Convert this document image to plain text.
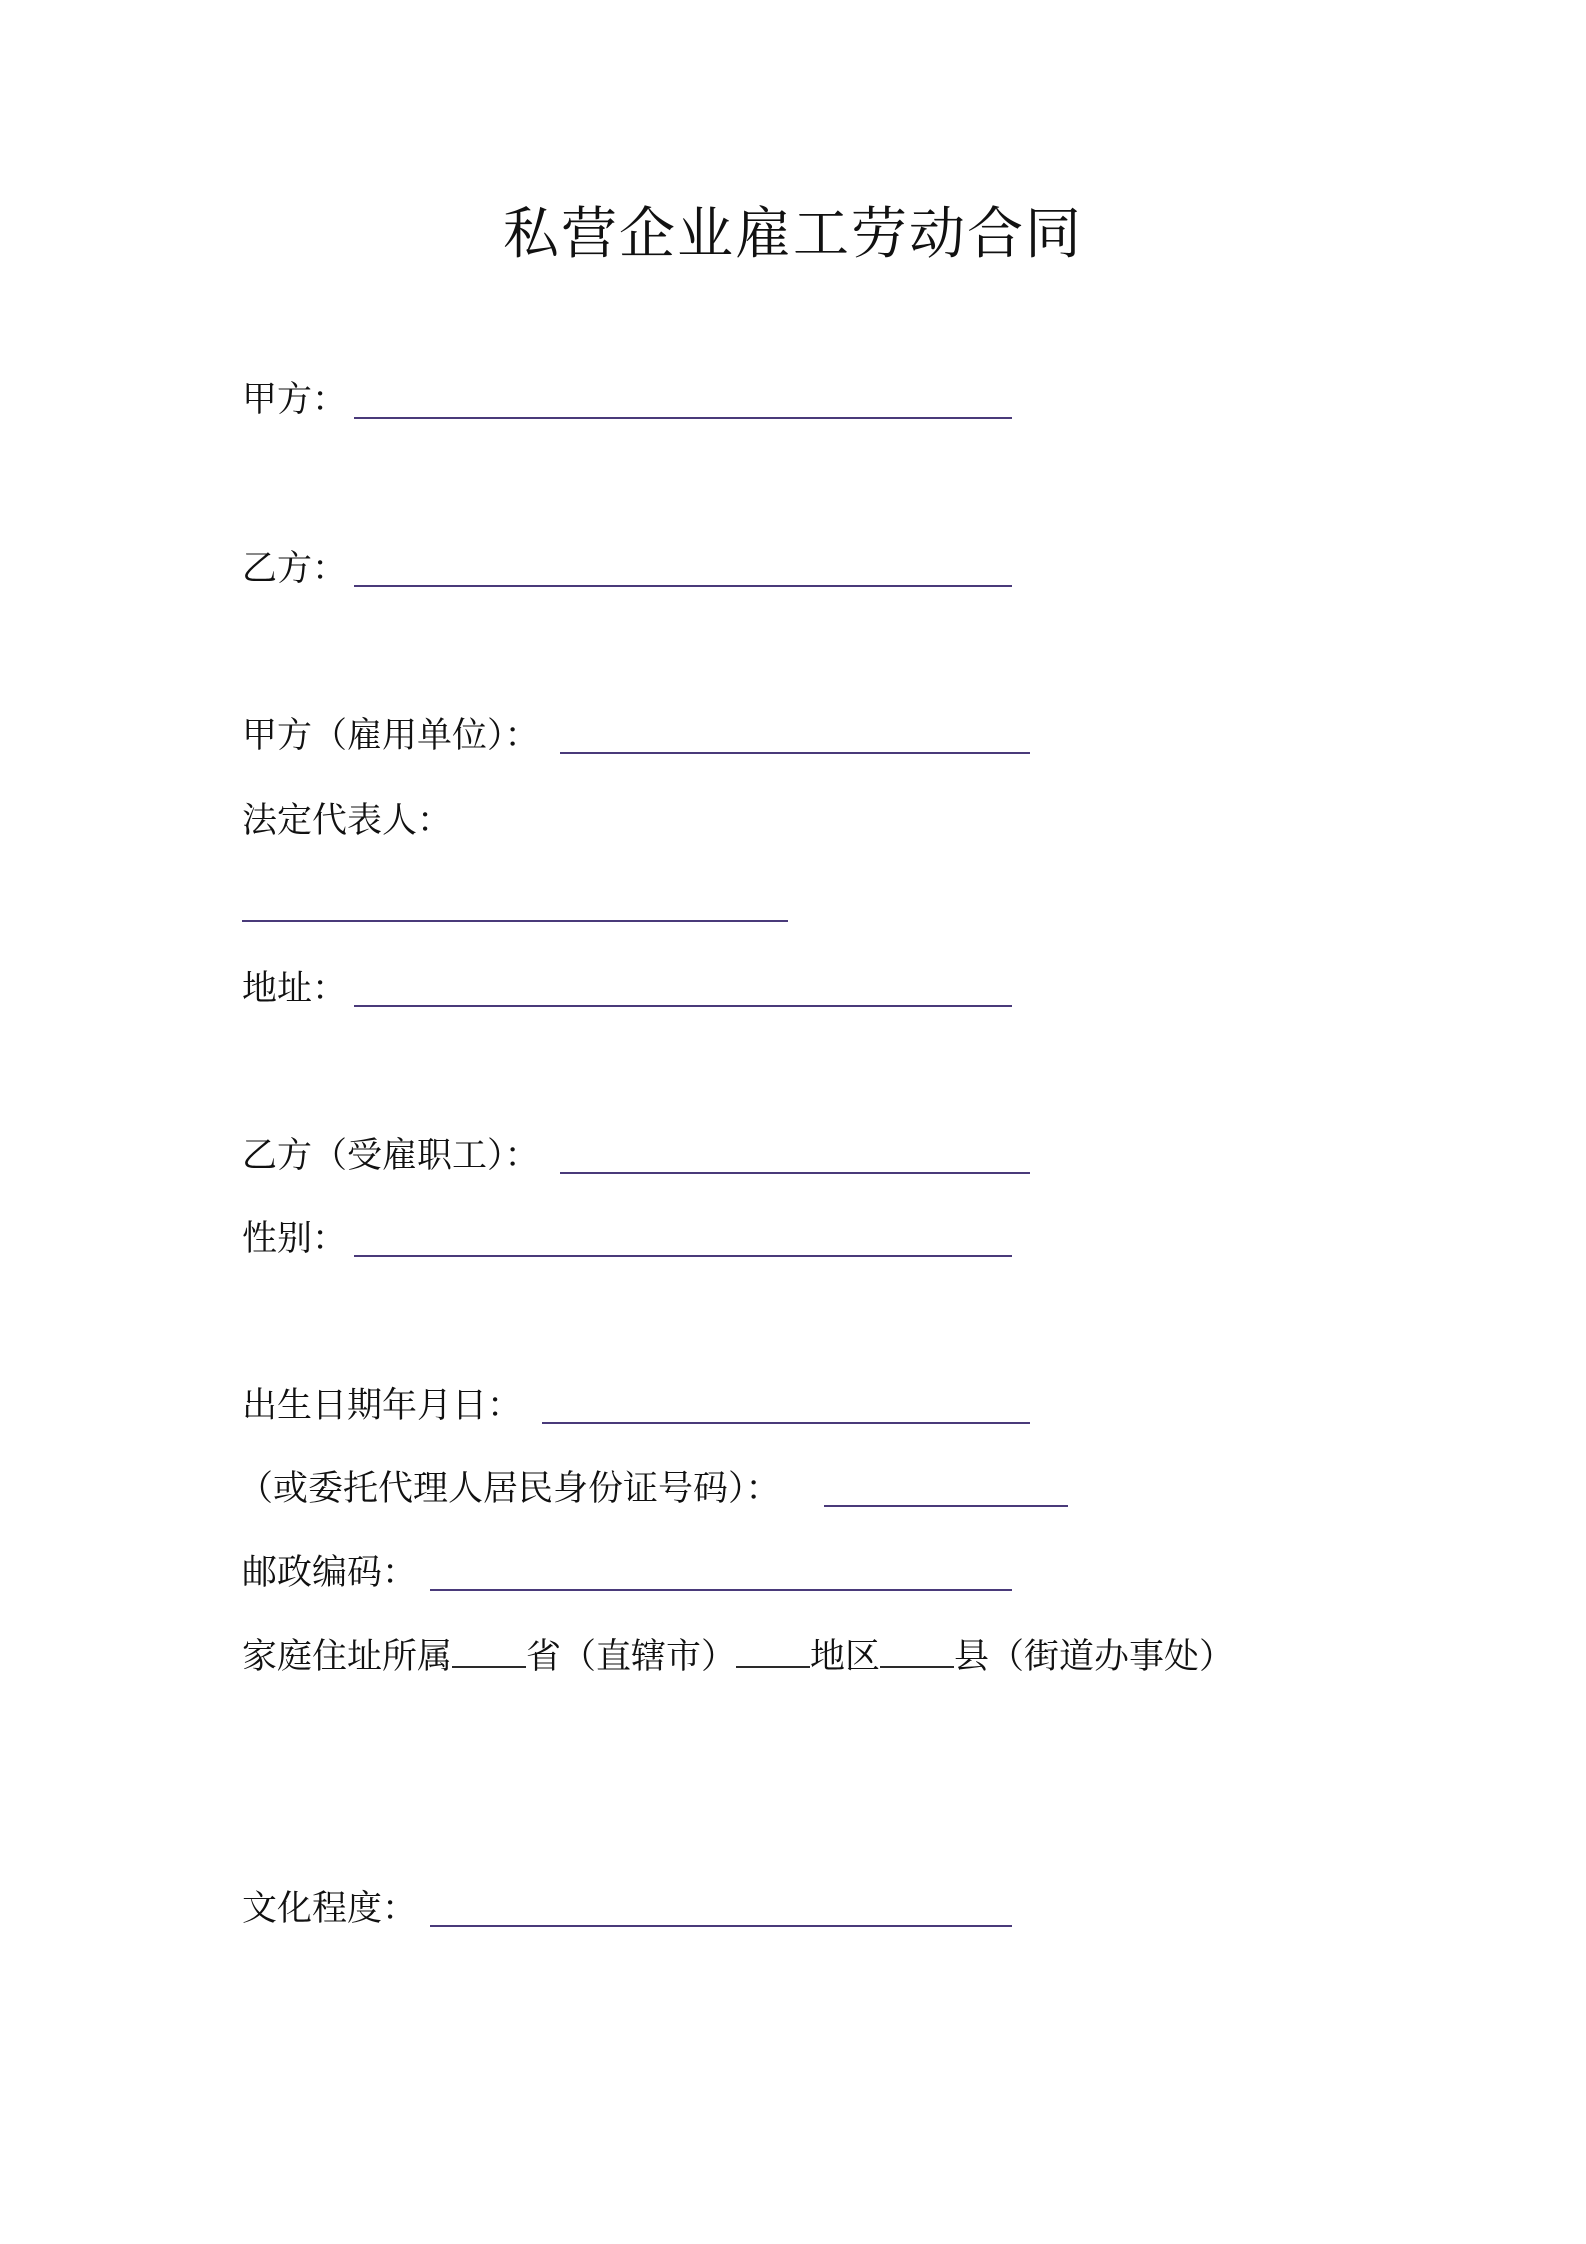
私营企业雇工劳动合同
甲方：
乙方：
甲方（雇用单位）：
法定代表人：
地址：
乙方（受雇职工）：
性别：
出生日期年月日：
（或委托代理人居民身份证号码）：
邮政编码：
家庭住址所属 省（直辖市） 地区 县（街道办事处）
文化程度：
